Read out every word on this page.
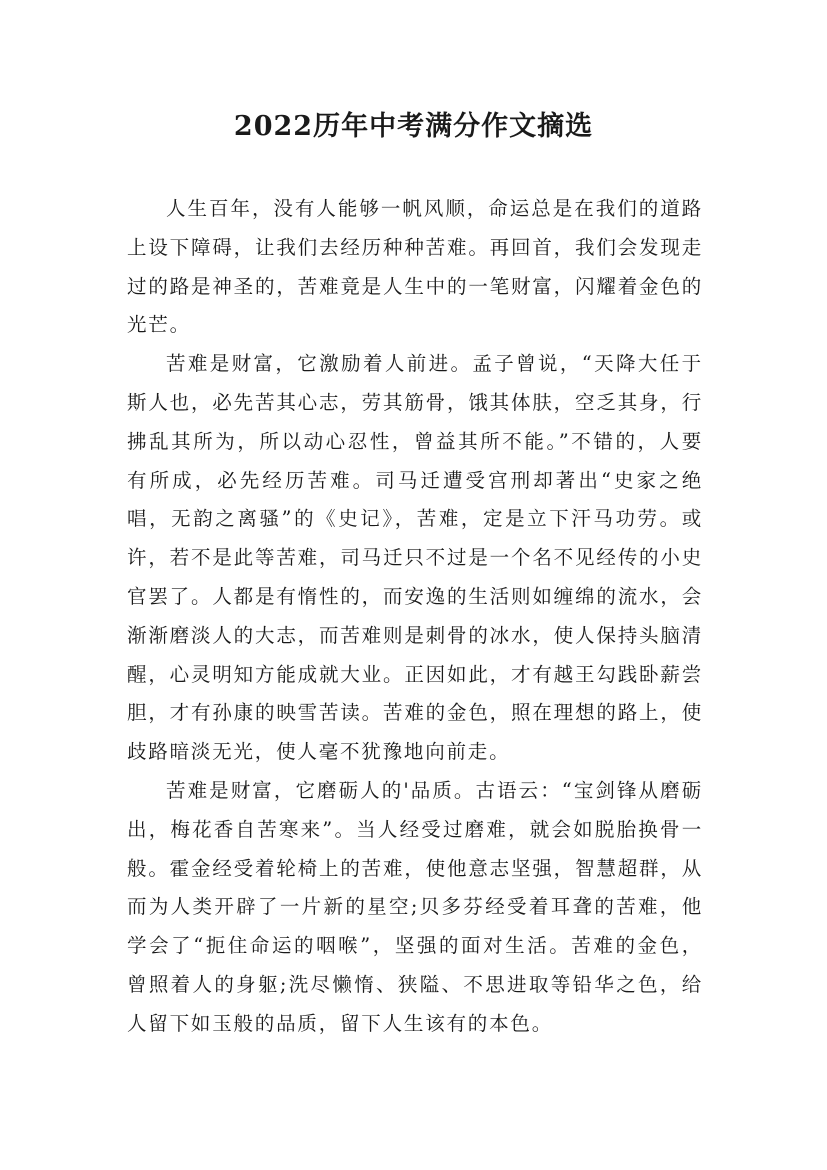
2022历年中考满分作文摘选

人生百年，没有人能够一帆风顺，命运总是在我们的道路上设下障碍，让我们去经历种种苦难。再回首，我们会发现走过的路是神圣的，苦难竟是人生中的一笔财富，闪耀着金色的光芒。

苦难是财富，它激励着人前进。孟子曾说，“天降大任于斯人也，必先苦其心志，劳其筋骨，饿其体肤，空乏其身，行拂乱其所为，所以动心忍性，曾益其所不能。”不错的，人要有所成，必先经历苦难。司马迁遭受宫刑却著出“史家之绝唱，无韵之离骚”的《史记》，苦难，定是立下汗马功劳。或许，若不是此等苦难，司马迁只不过是一个名不见经传的小史官罢了。人都是有惰性的，而安逸的生活则如缠绵的流水，会渐渐磨淡人的大志，而苦难则是刺骨的冰水，使人保持头脑清醒，心灵明知方能成就大业。正因如此，才有越王勾践卧薪尝胆，才有孙康的映雪苦读。苦难的金色，照在理想的路上，使歧路暗淡无光，使人毫不犹豫地向前走。

苦难是财富，它磨砺人的'品质。古语云：“宝剑锋从磨砺出，梅花香自苦寒来”。当人经受过磨难，就会如脱胎换骨一般。霍金经受着轮椅上的苦难，使他意志坚强，智慧超群，从而为人类开辟了一片新的星空;贝多芬经受着耳聋的苦难，他学会了“扼住命运的咽喉”，坚强的面对生活。苦难的金色，曾照着人的身躯;洗尽懒惰、狭隘、不思进取等铅华之色，给人留下如玉般的品质，留下人生该有的本色。
